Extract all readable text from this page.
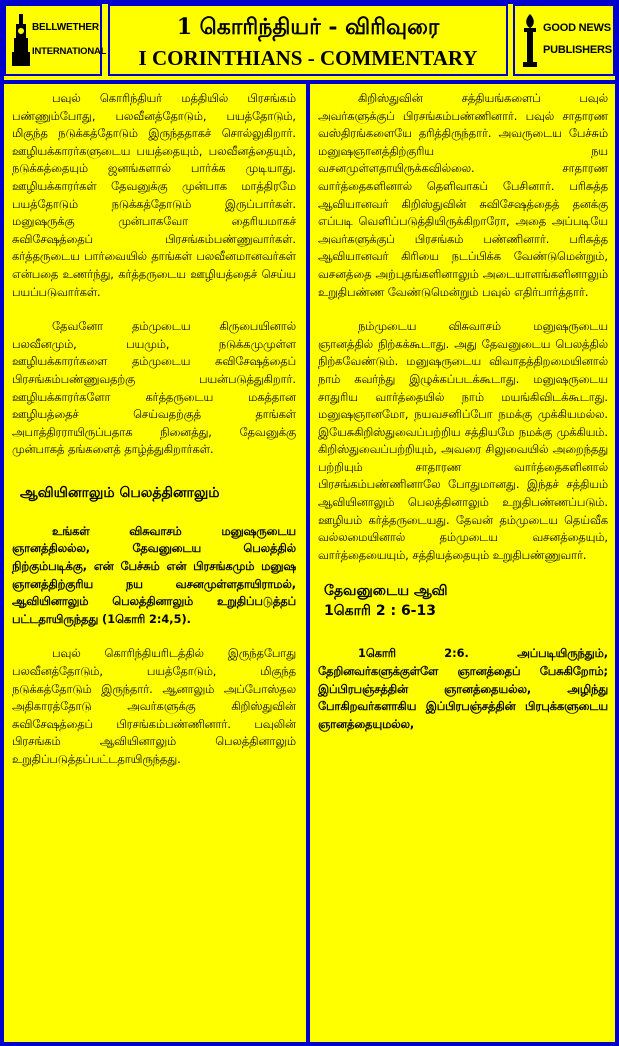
BELLWETHER
INTERNATIONAL
1 கொரிந்தியர் - விரிவுரை
I CORINTHIANS - COMMENTARY
GOOD NEWS
PUBLISHERS

பவுல் கொரிந்தியர் மத்தியில் பிரசங்கம் பண்ணும்போது, பலவீனத்தோடும், பயத்தோடும், மிகுந்த நடுக்கத்தோடும் இருந்ததாகச் சொல்லுகிறார். ஊழியக்காரர்களுடைய பயத்தையும், பலவீனத்தையும், நடுக்கத்தையும் ஜனங்களால் பார்க்க முடியாது. ஊழியக்காரர்கள் தேவனுக்கு முன்பாக மாத்திரமே பயத்தோடும் நடுக்கத்தோடும் இருப்பார்கள். மனுஷருக்கு முன்பாகவோ தைரியமாகச் சுவிசேஷத்தைப் பிரசங்கம்பண்ணுவார்கள். கர்த்தருடைய பார்வையில் தாங்கள் பலவீனமானவர்கள் என்பதை உணர்ந்து, கர்த்தருடைய ஊழியத்தைச் செய்ய பயப்படுவார்கள்.

தேவனோ தம்முடைய கிருபையினால் பலவீனமும், பயமும், நடுக்கமுமுள்ள ஊழியக்காரர்களை தம்முடைய சுவிசேஷத்தைப் பிரசங்கம்பண்ணுவதற்கு பயன்படுத்துகிறார். ஊழியக்காரர்களோ கர்த்தருடைய மகத்தான ஊழியத்தைச் செய்வதற்குத் தாங்கள் அபாத்திரராயிருப்பதாக நினைத்து, தேவனுக்கு முன்பாகத் தங்களைத் தாழ்த்துகிறார்கள்.

ஆவியினாலும் பெலத்தினாலும்

உங்கள் விசுவாசம் மனுஷருடைய ஞானத்திலல்ல, தேவனுடைய பெலத்தில் நிற்கும்படிக்கு, என் பேச்சும் என் பிரசங்கமும் மனுஷ ஞானத்திற்குரிய நய வசனமுள்ளதாயிராமல், ஆவியினாலும் பெலத்தினாலும் உறுதிப்படுத்தப் பட்டதாயிருந்தது (1கொரி 2:4,5).

பவுல் கொரிந்தியரிடத்தில் இருந்தபோது பலவீனத்தோடும், பயத்தோடும், மிகுந்த நடுக்கத்தோடும் இருந்தார். ஆனாலும் அப்போஸ்தல அதிகாரத்தோடு அவர்களுக்கு கிறிஸ்துவின் சுவிசேஷத்தைப் பிரசங்கம்பண்ணினார். பவுலின் பிரசங்கம் ஆவியினாலும் பெலத்தினாலும் உறுதிப்படுத்தப்பட்டதாயிருந்தது.

கிறிஸ்துவின் சத்தியங்களைப் பவுல் அவர்களுக்குப் பிரசங்கம்பண்ணினார். பவுல் சாதாரண வஸ்திரங்களையே தரித்திருந்தார். அவருடைய பேச்சும் மனுஷஞானத்திற்குரிய நய வசனமுள்ளதாயிருக்கவில்லை. சாதாரண வார்த்தைகளினால் தெளிவாகப் பேசினார். பரிசுத்த ஆவியானவர் கிறிஸ்துவின் சுவிசேஷத்தைத் தனக்கு எப்படி வெளிப்படுத்தியிருக்கிறாரோ, அதை அப்படியே அவர்களுக்குப் பிரசங்கம் பண்ணினார். பரிசுத்த ஆவியானவர் கிரியை நடப்பிக்க வேண்டுமென்றும், வசனத்தை அற்புதங்களினாலும் அடையாளங்களினாலும் உறுதிபண்ண வேண்டுமென்றும் பவுல் எதிர்பார்த்தார்.

நம்முடைய விசுவாசம் மனுஷருடைய ஞானத்தில் நிற்கக்கூடாது. அது தேவனுடைய பெலத்தில் நிற்கவேண்டும். மனுஷருடைய விவாதத்திறமையினால் நாம் கவர்ந்து இழுக்கப்படக்கூடாது. மனுஷருடைய சாதுரிய வார்த்தையில் நாம் மயங்கிவிடக்கூடாது. மனுஷஞானமோ, நயவசனிப்போ நமக்கு முக்கியமல்ல. இயேசுகிறிஸ்துவைப்பற்றிய சத்தியமே நமக்கு முக்கியம். கிறிஸ்துவைப்பற்றியும், அவரை சிலுவையில் அறைந்தது பற்றியும் சாதாரண வார்த்தைகளினால் பிரசங்கம்பண்ணினாலே போதுமானது. இந்தச் சத்தியம் ஆவியினாலும் பெலத்தினாலும் உறுதிபண்ணப்படும். ஊழியம் கர்த்தருடையது. தேவன் தம்முடைய தெய்வீக வல்லமையினால் தம்முடைய வசனத்தையும், வார்த்தையையும், சத்தியத்தையும் உறுதிபண்ணுவார்.

தேவனுடைய ஆவி
1கொரி 2 : 6-13

1கொரி 2:6. அப்படியிருந்தும், தேறினவர்களுக்குள்ளே ஞானத்தைப் பேசுகிறோம்; இப்பிரபஞ்சத்தின் ஞானத்தையல்ல, அழிந்து போகிறவர்களாகிய இப்பிரபஞ்சத்தின் பிரபுக்களுடைய ஞானத்தையுமல்ல,
